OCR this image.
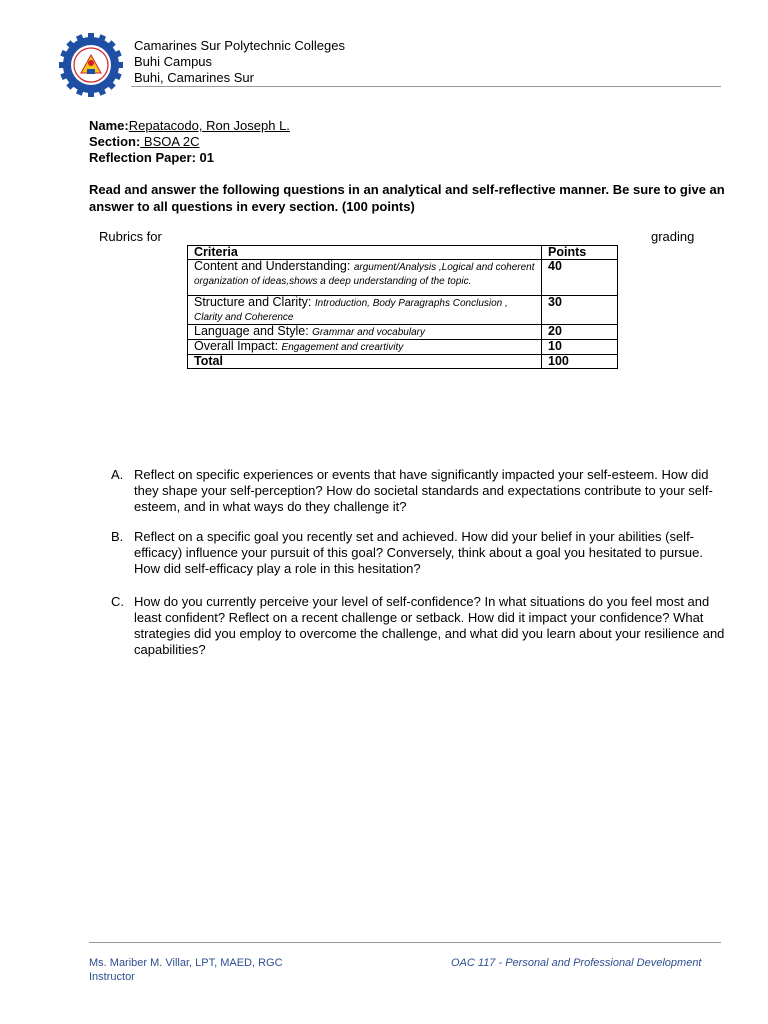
Camarines Sur Polytechnic Colleges
Buhi Campus
Buhi, Camarines Sur
Name:Repatacodo, Ron Joseph L.
Section: BSOA 2C
Reflection Paper: 01
Read and answer the following questions in an analytical and self-reflective manner. Be sure to give an answer to all questions in every section. (100 points)
Rubrics for	grading
Criteria	Points
Content and Understanding: argument/Analysis ,Logical and coherent organization of ideas,shows a deep understanding of the topic.	40
Structure and Clarity: Introduction, Body Paragraphs Conclusion , Clarity and Coherence	30
Language and Style: Grammar and vocabulary	20
Overall Impact: Engagement and creartivity	10
Total	100
A. Reflect on specific experiences or events that have significantly impacted your self-esteem. How did they shape your self-perception? How do societal standards and expectations contribute to your self-esteem, and in what ways do they challenge it?
B. Reflect on a specific goal you recently set and achieved. How did your belief in your abilities (self-efficacy) influence your pursuit of this goal? Conversely, think about a goal you hesitated to pursue. How did self-efficacy play a role in this hesitation?
C. How do you currently perceive your level of self-confidence? In what situations do you feel most and least confident? Reflect on a recent challenge or setback. How did it impact your confidence? What strategies did you employ to overcome the challenge, and what did you learn about your resilience and capabilities?
Ms. Mariber M. Villar, LPT, MAED, RGC
Instructor
OAC 117 - Personal and Professional Development
